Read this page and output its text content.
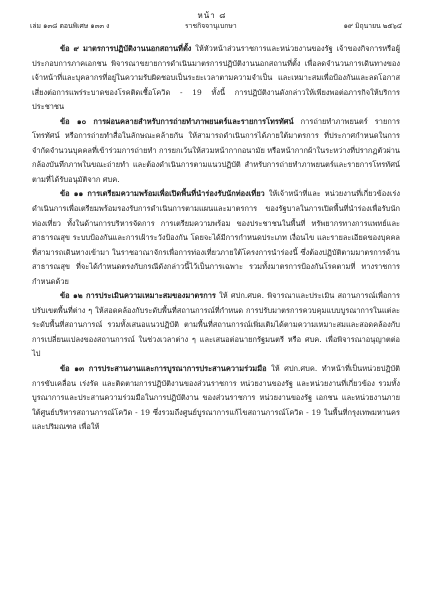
หน้า ๘
เล่ม ๑๓๘ ตอนพิเศษ ๑๓๓ ง	ราชกิจจานุเบกษา	๑๙ มิถุนายน ๒๕๖๔

ข้อ ๙ มาตรการปฏิบัติงานนอกสถานที่ตั้ง ให้หัวหน้าส่วนราชการและหน่วยงานของรัฐ เจ้าของกิจการหรือผู้ประกอบการภาคเอกชน พิจารณาขยายการดำเนินมาตรการปฏิบัติงานนอกสถานที่ตั้ง เพื่อลดจำนวนการเดินทางของเจ้าหน้าที่และบุคลากรที่อยู่ในความรับผิดชอบเป็นระยะเวลาตามความจำเป็น และเหมาะสมเพื่อป้องกันและลดโอกาสเสี่ยงต่อการแพร่ระบาดของโรคติดเชื้อโควิด - 19 ทั้งนี้ การปฏิบัติงานดังกล่าวให้เพียงพอต่อภารกิจให้บริการประชาชน

ข้อ ๑๐ การผ่อนคลายสำหรับการถ่ายทำภาพยนตร์และรายการโทรทัศน์ การถ่ายทำภาพยนตร์ รายการโทรทัศน์ หรือการถ่ายทำสื่อในลักษณะคล้ายกัน ให้สามารถดำเนินการได้ภายใต้มาตรการ ที่ประกาศกำหนดในการจำกัดจำนวนบุคคลที่เข้าร่วมการถ่ายทำ การยกเว้นให้สวมหน้ากากอนามัย หรือหน้ากากผ้าในระหว่างที่ปรากฏตัวผ่านกล้องบันทึกภาพในขณะถ่ายทำ และต้องดำเนินการตามแนวปฏิบัติ สำหรับการถ่ายทำภาพยนตร์และรายการโทรทัศน์ตามที่ได้รับอนุมัติจาก ศบค.

ข้อ ๑๑ การเตรียมความพร้อมเพื่อเปิดพื้นที่นำร่องรับนักท่องเที่ยว ให้เจ้าหน้าที่และ หน่วยงานที่เกี่ยวข้องเร่งดำเนินการเพื่อเตรียมพร้อมรองรับการดำเนินการตามแผนและมาตรการ ของรัฐบาลในการเปิดพื้นที่นำร่องเพื่อรับนักท่องเที่ยว ทั้งในด้านการบริหารจัดการ การเตรียมความพร้อม ของประชาชนในพื้นที่ ทรัพยากรทางการแพทย์และสาธารณสุข ระบบป้องกันและการเฝ้าระวังป้องกัน โดยจะได้มีการกำหนดประเภท เงื่อนไข และรายละเอียดของบุคคลที่สามารถเดินทางเข้ามา ในราชอาณาจักรเพื่อการท่องเที่ยวภายใต้โครงการนำร่องนี้ ซึ่งต้องปฏิบัติตามมาตรการด้านสาธารณสุข ที่จะได้กำหนดตรงกับกรณีดังกล่าวนี้ไว้เป็นการเฉพาะ รวมทั้งมาตรการป้องกันโรคตามที่ ทางราชการกำหนดด้วย

ข้อ ๑๒ การประเมินความเหมาะสมของมาตรการ ให้ ศปก.ศบค. พิจารณาและประเมิน สถานการณ์เพื่อการปรับเขตพื้นที่ต่าง ๆ ให้สอดคล้องกับระดับพื้นที่สถานการณ์ที่กำหนด การปรับมาตรการควบคุมแบบบูรณาการในแต่ละระดับพื้นที่สถานการณ์ รวมทั้งเสนอแนวปฏิบัติ ตามพื้นที่สถานการณ์เพิ่มเติมได้ตามความเหมาะสมและสอดคล้องกับการเปลี่ยนแปลงของสถานการณ์ ในช่วงเวลาต่าง ๆ และเสนอต่อนายกรัฐมนตรี หรือ ศบค. เพื่อพิจารณาอนุญาตต่อไป

ข้อ ๑๓ การประสานงานและการบูรณาการประสานความร่วมมือ ให้ ศปก.ศบค. ทำหน้าที่เป็นหน่วยปฏิบัติการขับเคลื่อน เร่งรัด และติดตามการปฏิบัติงานของส่วนราชการ หน่วยงานของรัฐ และหน่วยงานที่เกี่ยวข้อง รวมทั้งบูรณาการและประสานความร่วมมือในการปฏิบัติงาน ของส่วนราชการ หน่วยงานของรัฐ เอกชน และหน่วยงานภายใต้ศูนย์บริหารสถานการณ์โควิด - 19 ซึ่งรวมถึงศูนย์บูรณาการแก้ไขสถานการณ์โควิด - 19 ในพื้นที่กรุงเทพมหานครและปริมณฑล เพื่อให้
